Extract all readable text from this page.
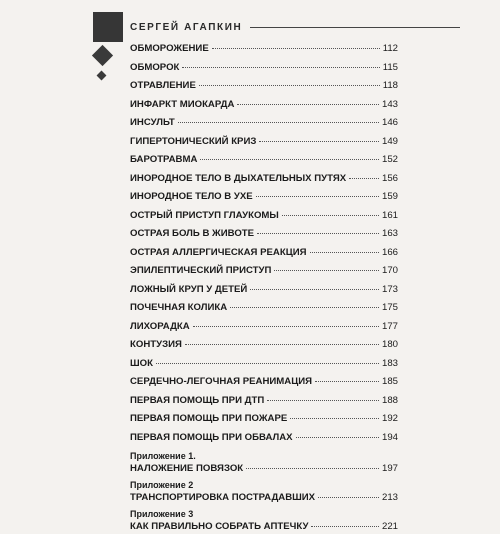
СЕРГЕЙ АГАПКИН
ОБМОРОЖЕНИЕ	112
ОБМОРОК	115
ОТРАВЛЕНИЕ	118
ИНФАРКТ МИОКАРДА	143
ИНСУЛЬТ	146
ГИПЕРТОНИЧЕСКИЙ КРИЗ	149
БАРОТРАВМА	152
ИНОРОДНОЕ ТЕЛО В ДЫХАТЕЛЬНЫХ ПУТЯХ	156
ИНОРОДНОЕ ТЕЛО В УХЕ	159
ОСТРЫЙ ПРИСТУП ГЛАУКОМЫ	161
ОСТРАЯ БОЛЬ В ЖИВОТЕ	163
ОСТРАЯ АЛЛЕРГИЧЕСКАЯ РЕАКЦИЯ	166
ЭПИЛЕПТИЧЕСКИЙ ПРИСТУП	170
ЛОЖНЫЙ КРУП У ДЕТЕЙ	173
ПОЧЕЧНАЯ КОЛИКА	175
ЛИХОРАДКА	177
КОНТУЗИЯ	180
ШОК	183
СЕРДЕЧНО-ЛЕГОЧНАЯ РЕАНИМАЦИЯ	185
ПЕРВАЯ ПОМОЩЬ ПРИ ДТП	188
ПЕРВАЯ ПОМОЩЬ ПРИ ПОЖАРЕ	192
ПЕРВАЯ ПОМОЩЬ ПРИ ОБВАЛАХ	194
Приложение 1.
НАЛОЖЕНИЕ ПОВЯЗОК	197
Приложение 2
ТРАНСПОРТИРОВКА ПОСТРАДАВШИХ	213
Приложение 3
КАК ПРАВИЛЬНО СОБРАТЬ АПТЕЧКУ	221
